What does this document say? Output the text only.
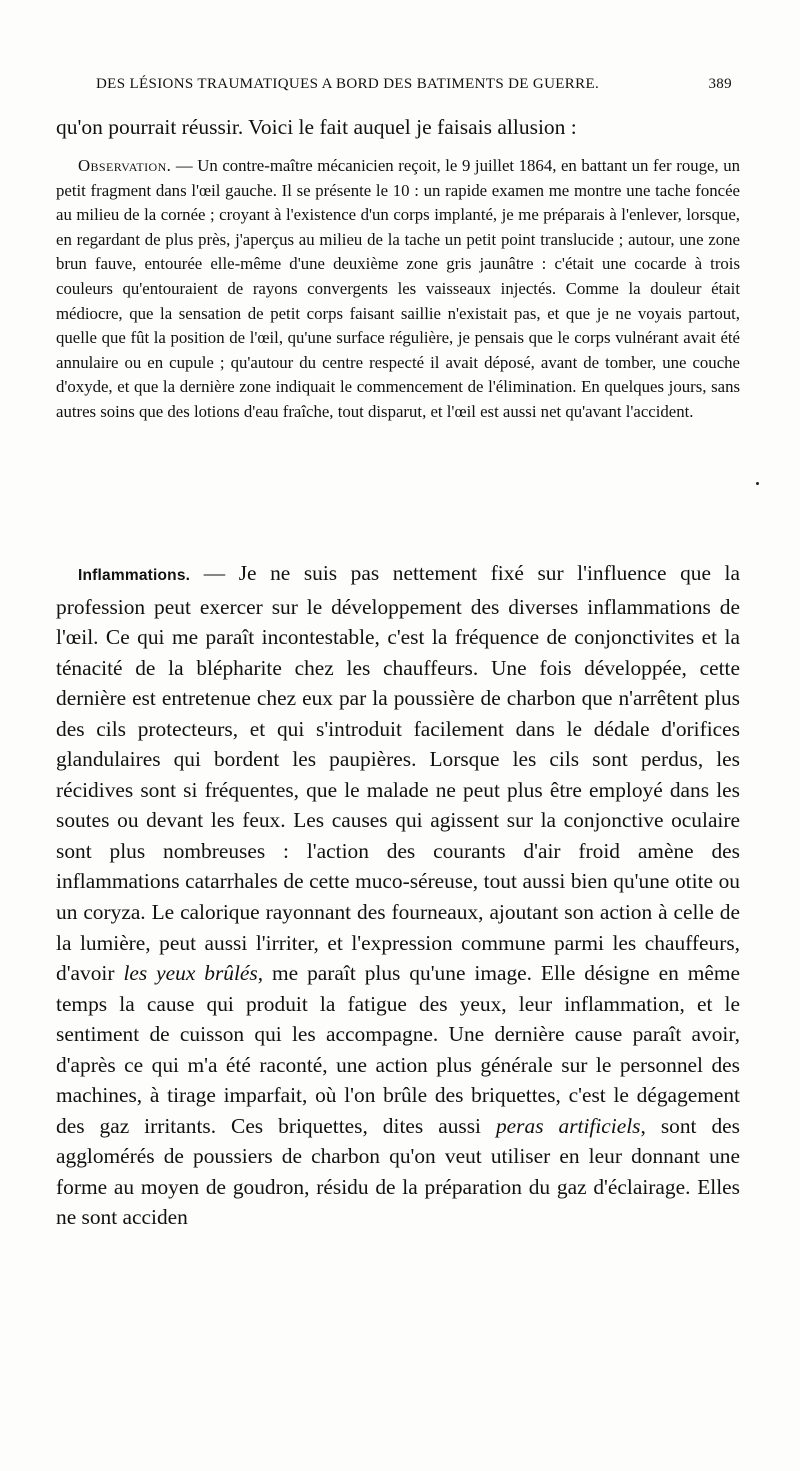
DES LÉSIONS TRAUMATIQUES A BORD DES BATIMENTS DE GUERRE.	389
qu'on pourrait réussir. Voici le fait auquel je faisais allusion :

Observation. — Un contre-maître mécanicien reçoit, le 9 juillet 1864, en battant un fer rouge, un petit fragment dans l'œil gauche. Il se présente le 10 : un rapide examen me montre une tache foncée au milieu de la cornée ; croyant à l'existence d'un corps implanté, je me préparais à l'enlever, lorsque, en regardant de plus près, j'aperçus au milieu de la tache un petit point translucide ; autour, une zone brun fauve, entourée elle-même d'une deuxième zone gris jaunâtre : c'était une cocarde à trois couleurs qu'entouraient de rayons convergents les vaisseaux injectés. Comme la douleur était médiocre, que la sensation de petit corps faisant saillie n'existait pas, et que je ne voyais partout, quelle que fût la position de l'œil, qu'une surface régulière, je pensais que le corps vulnérant avait été annulaire ou en cupule ; qu'autour du centre respecté il avait déposé, avant de tomber, une couche d'oxyde, et que la dernière zone indiquait le commencement de l'élimination. En quelques jours, sans autres soins que des lotions d'eau fraîche, tout disparut, et l'œil est aussi net qu'avant l'accident.

Inflammations. — Je ne suis pas nettement fixé sur l'influence que la profession peut exercer sur le développement des diverses inflammations de l'œil. Ce qui me paraît incontestable, c'est la fréquence de conjonctivites et la ténacité de la blépharite chez les chauffeurs. Une fois développée, cette dernière est entretenue chez eux par la poussière de charbon que n'arrêtent plus des cils protecteurs, et qui s'introduit facilement dans le dédale d'orifices glandulaires qui bordent les paupières. Lorsque les cils sont perdus, les récidives sont si fréquentes, que le malade ne peut plus être employé dans les soutes ou devant les feux. Les causes qui agissent sur la conjonctive oculaire sont plus nombreuses : l'action des courants d'air froid amène des inflammations catarrhales de cette muco-séreuse, tout aussi bien qu'une otite ou un coryza. Le calorique rayonnant des fourneaux, ajoutant son action à celle de la lumière, peut aussi l'irriter, et l'expression commune parmi les chauffeurs, d'avoir les yeux brûlés, me paraît plus qu'une image. Elle désigne en même temps la cause qui produit la fatigue des yeux, leur inflammation, et le sentiment de cuisson qui les accompagne. Une dernière cause paraît avoir, d'après ce qui m'a été raconté, une action plus générale sur le personnel des machines, à tirage imparfait, où l'on brûle des briquettes, c'est le dégagement des gaz irritants. Ces briquettes, dites aussi peras artificiels, sont des agglomérés de poussiers de charbon qu'on veut utiliser en leur donnant une forme au moyen de goudron, résidu de la préparation du gaz d'éclairage. Elles ne sont acciden
